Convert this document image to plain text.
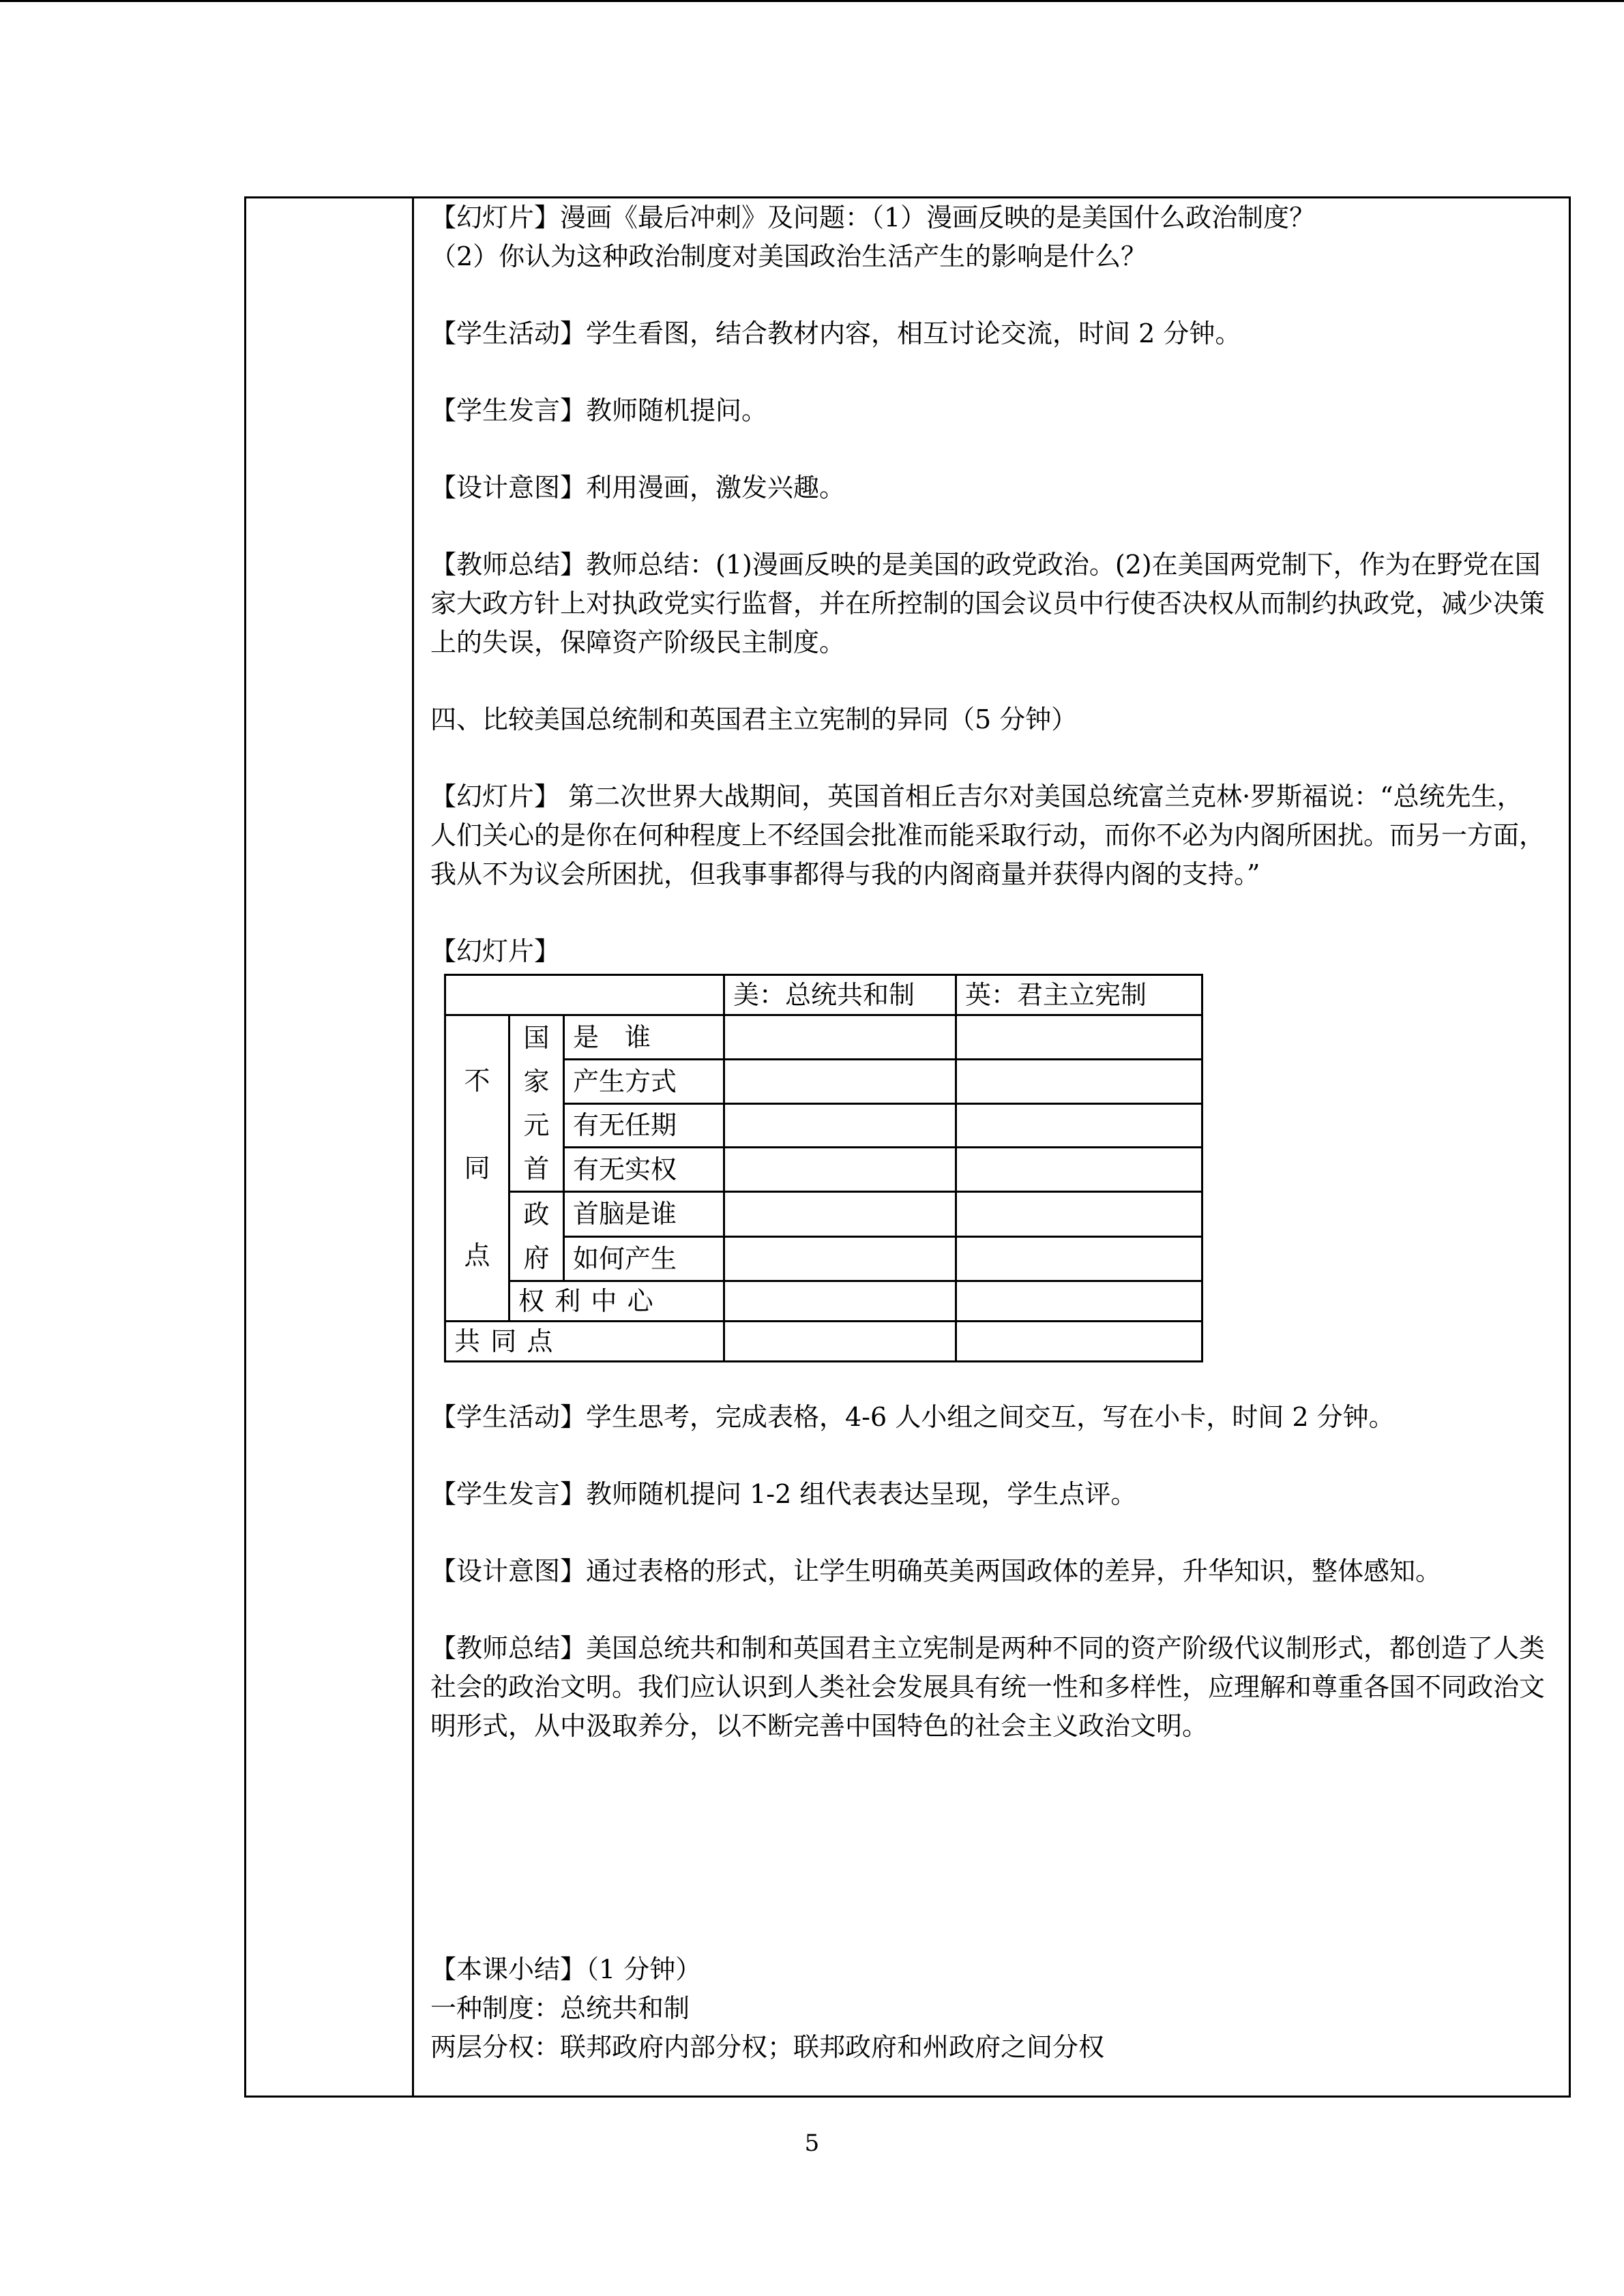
【幻灯片】漫画《最后冲刺》及问题：（1）漫画反映的是美国什么政治制度？

（2）你认为这种政治制度对美国政治生活产生的影响是什么？

【学生活动】学生看图，结合教材内容，相互讨论交流，时间 2 分钟。

【学生发言】教师随机提问。

【设计意图】利用漫画，激发兴趣。

【教师总结】教师总结：(1)漫画反映的是美国的政党政治。(2)在美国两党制下，作为在野党在国家大政方针上对执政党实行监督，并在所控制的国会议员中行使否决权从而制约执政党，减少决策上的失误，保障资产阶级民主制度。

四、比较美国总统制和英国君主立宪制的异同（5 分钟）

【幻灯片】 第二次世界大战期间，英国首相丘吉尔对美国总统富兰克林·罗斯福说：“总统先生，人们关心的是你在何种程度上不经国会批准而能采取行动，而你不必为内阁所困扰。而另一方面，我从不为议会所困扰，但我事事都得与我的内阁商量并获得内阁的支持。”

【幻灯片】

			美：总统共和制	英：君主立宪制
不同点	国家元首	是　谁		
		产生方式		
		有无任期		
		有无实权		
	政府	首脑是谁		
		如何产生		
	权利中心			
共同点				

【学生活动】学生思考，完成表格，4-6 人小组之间交互，写在小卡，时间 2 分钟。

【学生发言】教师随机提问 1-2 组代表表达呈现，学生点评。

【设计意图】通过表格的形式，让学生明确英美两国政体的差异，升华知识，整体感知。

【教师总结】美国总统共和制和英国君主立宪制是两种不同的资产阶级代议制形式，都创造了人类社会的政治文明。我们应认识到人类社会发展具有统一性和多样性，应理解和尊重各国不同政治文明形式，从中汲取养分，以不断完善中国特色的社会主义政治文明。

【本课小结】（1 分钟）

一种制度：总统共和制

两层分权：联邦政府内部分权；联邦政府和州政府之间分权

5
